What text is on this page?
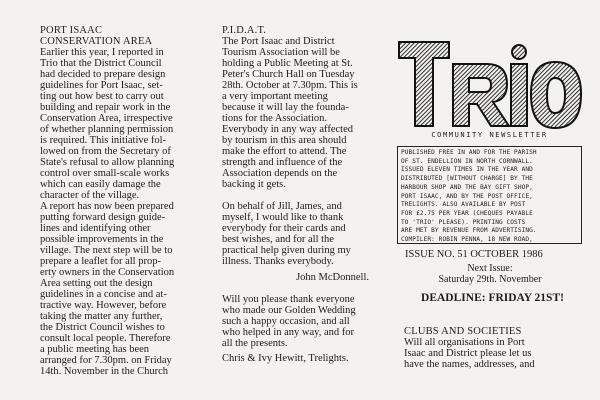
PORT ISAAC

CONSERVATION AREA

Earlier this year, I reported in

Trio that the District Council

had decided to prepare design

guidelines for Port Isaac, set-

ting out how best to carry out

building and repair work in the

Conservation Area, irrespective

of whether planning permission

is required. This initiative fol-

lowed on from the Secretary of

State's refusal to allow planning

control over small-scale works

which can easily damage the

character of the village.

A report has now been prepared

putting forward design guide-

lines and identifying other

possible improvements in the

village. The next step will be to

prepare a leaflet for all prop-

erty owners in the Conservation

Area setting out the design

guidelines in a concise and at-

tractive way. However, before

taking the matter any further,

the District Council wishes to

consult local people. Therefore

a public meeting has been

arranged for 7.30pm. on Friday

14th. November in the Church

P.I.D.A.T.

The Port Isaac and District

Tourism Association will be

holding a Public Meeting at St.

Peter's Church Hall on Tuesday

28th. October at 7.30pm. This is

a very important meeting

because it will lay the founda-

tions for the Association.

Everybody in any way affected

by tourism in this area should

make the effort to attend. The

strength and influence of the

Association depends on the

backing it gets.

On behalf of Jill, James, and

myself, I would like to thank

everybody for their cards and

best wishes, and for all the

practical help given during my

illness. Thanks everybody.

John McDonnell.

Will you please thank everyone

who made our Golden Wedding

such a happy occasion, and all

who helped in any way, and for

all the presents.

Chris & Ivy Hewitt, Trelights.

COMMUNITY NEWSLETTER

PUBLISHED FREE IN AND FOR THE PARISH

OF ST. ENDELLION IN NORTH CORNWALL.

ISSUED ELEVEN TIMES IN THE YEAR AND

DISTRIBUTED [WITHOUT CHARGE] BY THE

HARBOUR SHOP AND THE BAY GIFT SHOP,

PORT ISAAC, AND BY THE POST OFFICE,

TRELIGHTS. ALSO AVAILABLE BY POST

FOR £2.75 PER YEAR (CHEQUES PAYABLE

TO 'TRIO' PLEASE). PRINTING COSTS

ARE MET BY REVENUE FROM ADVERTISING.

COMPILER: ROBIN PENNA, 18 NEW ROAD,

ISSUE NO. 51 OCTOBER 1986
Next Issue:
Saturday 29th. November
DEADLINE: FRIDAY 21ST!

CLUBS AND SOCIETIES

Will all organisations in Port

Isaac and District please let us

have the names, addresses, and
